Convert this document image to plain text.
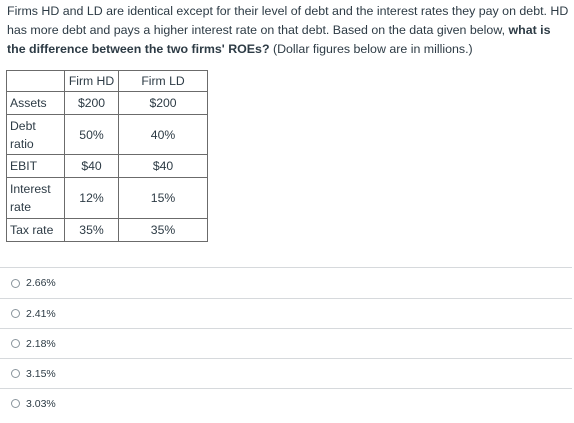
Firms HD and LD are identical except for their level of debt and the interest rates they pay on debt. HD has more debt and pays a higher interest rate on that debt. Based on the data given below, what is the difference between the two firms' ROEs? (Dollar figures below are in millions.)
	Firm HD	Firm LD
Assets	$200	$200
Debt ratio	50%	40%
EBIT	$40	$40
Interest rate	12%	15%
Tax rate	35%	35%
2.66%
2.41%
2.18%
3.15%
3.03%
